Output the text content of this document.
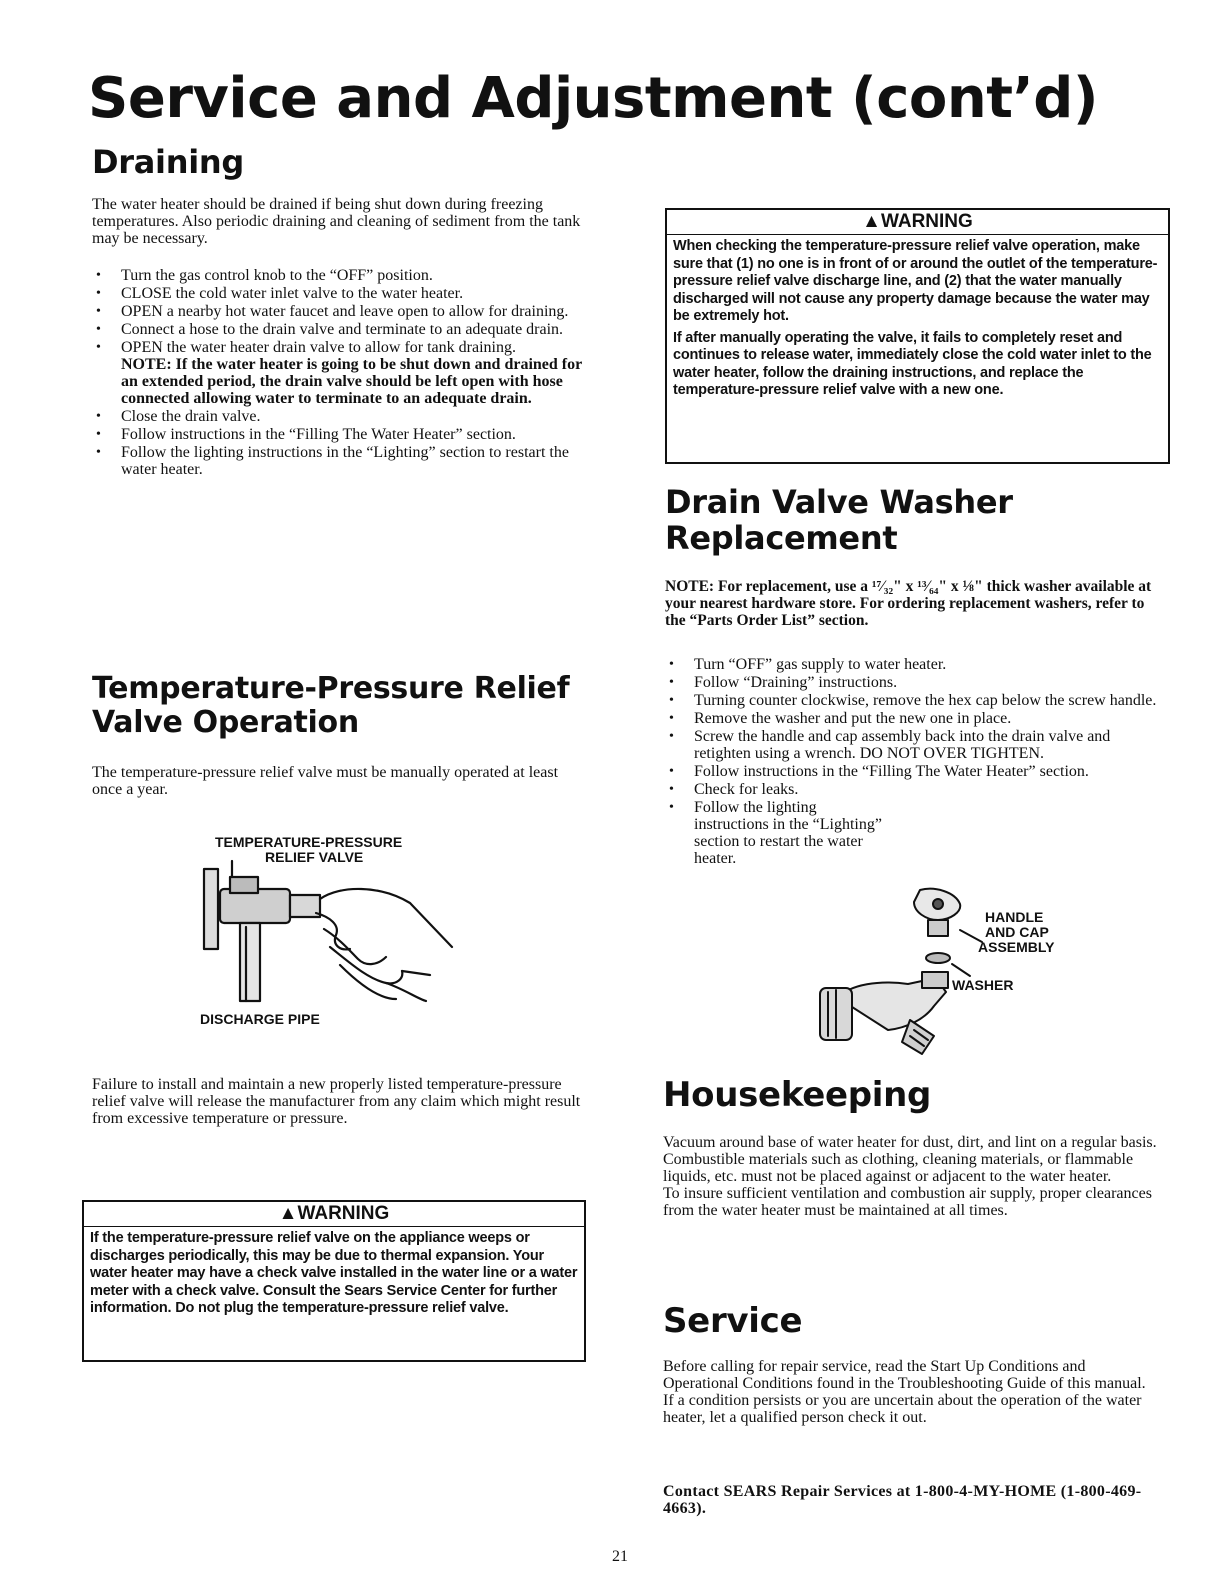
Service and Adjustment (cont’d)
Draining

The water heater should be drained if being shut down during freezing temperatures. Also periodic draining and cleaning of sediment from the tank may be necessary.

• Turn the gas control knob to the “OFF” position.
• CLOSE the cold water inlet valve to the water heater.
• OPEN a nearby hot water faucet and leave open to allow for draining.
• Connect a hose to the drain valve and terminate to an adequate drain.
• OPEN the water heater drain valve to allow for tank draining.
NOTE: If the water heater is going to be shut down and drained for an extended period, the drain valve should be left open with hose connected allowing water to terminate to an adequate drain.
• Close the drain valve.
• Follow instructions in the “Filling The Water Heater” section.
• Follow the lighting instructions in the “Lighting” section to restart the water heater.
Temperature-Pressure Relief Valve Operation

The temperature-pressure relief valve must be manually operated at least once a year.

TEMPERATURE-PRESSURE
RELIEF VALVE
DISCHARGE PIPE

Failure to install and maintain a new properly listed temperature-pressure relief valve will release the manufacturer from any claim which might result from excessive temperature or pressure.

▲WARNING

If the temperature-pressure relief valve on the appliance weeps or discharges periodically, this may be due to thermal expansion. Your water heater may have a check valve installed in the water line or a water meter with a check valve. Consult the Sears Service Center for further information. Do not plug the temperature-pressure relief valve.

▲WARNING

When checking the temperature-pressure relief valve operation, make sure that (1) no one is in front of or around the outlet of the temperature-pressure relief valve discharge line, and (2) that the water manually discharged will not cause any property damage because the water may be extremely hot.

If after manually operating the valve, it fails to completely reset and continues to release water, immediately close the cold water inlet to the water heater, follow the draining instructions, and replace the temperature-pressure relief valve with a new one.

Drain Valve Washer Replacement

NOTE: For replacement, use a ¹⁷⁄₃₂" x ¹³⁄₆₄" x ⅛" thick washer available at your nearest hardware store. For ordering replacement washers, refer to the “Parts Order List” section.

• Turn “OFF” gas supply to water heater.
• Follow “Draining” instructions.
• Turning counter clockwise, remove the hex cap below the screw handle.
• Remove the washer and put the new one in place.
• Screw the handle and cap assembly back into the drain valve and retighten using a wrench. DO NOT OVER TIGHTEN.
• Follow instructions in the “Filling The Water Heater” section.
• Check for leaks.
• Follow the lighting instructions in the “Lighting” section to restart the water heater.
HANDLE
AND CAP
ASSEMBLY
WASHER
Housekeeping

Vacuum around base of water heater for dust, dirt, and lint on a regular basis.

Combustible materials such as clothing, cleaning materials, or flammable liquids, etc. must not be placed against or adjacent to the water heater.

To insure sufficient ventilation and combustion air supply, proper clearances from the water heater must be maintained at all times.

Service

Before calling for repair service, read the Start Up Conditions and Operational Conditions found in the Troubleshooting Guide of this manual.

If a condition persists or you are uncertain about the operation of the water heater, let a qualified person check it out.

Contact SEARS Repair Services at 1-800-4-MY-HOME (1-800-469-4663).

21
